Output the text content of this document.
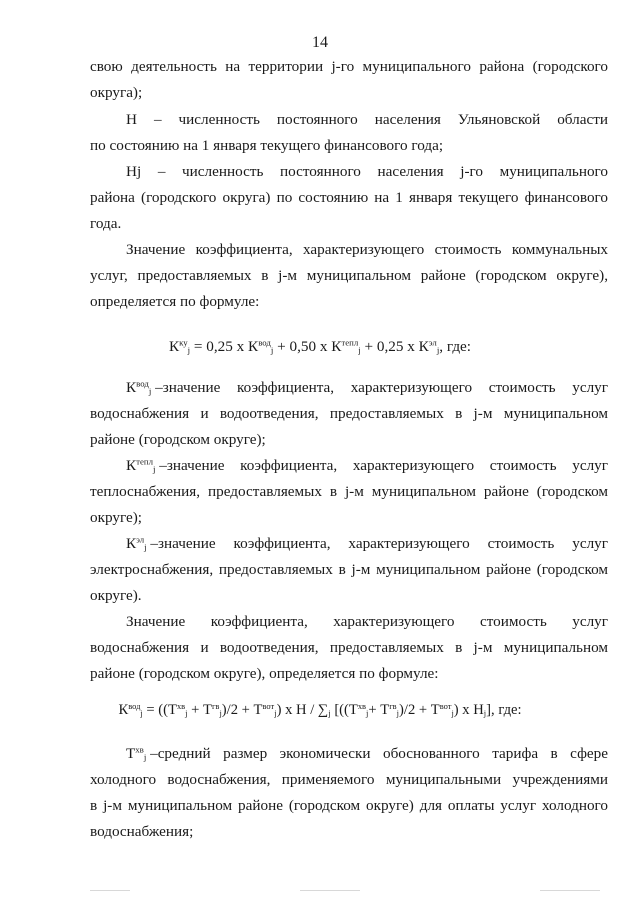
14
свою деятельность на территории j-го муниципального района (городского
округа);
Н – численность постоянного населения Ульяновской области
по состоянию на 1 января текущего финансового года;
Нj – численность постоянного населения j-го муниципального
района (городского округа) по состоянию на 1 января текущего финансового
года.
Значение коэффициента, характеризующего стоимость коммунальных
услуг, предоставляемых в j-м муниципальном районе (городском округе),
определяется по формуле:
$К^{ку}_j = 0,25$ х $К^{вод}_j + 0,50$ х $К^{тепл}_j + 0,25$ х $К^{эл}_j$, где:
$К^{вод}_j$ – значение коэффициента, характеризующего стоимость услуг
водоснабжения и водоотведения, предоставляемых в j-м муниципальном
районе (городском округе);
$К^{тепл}_j$ – значение коэффициента, характеризующего стоимость услуг
теплоснабжения, предоставляемых в j-м муниципальном районе (городском
округе);
$К^{эл}_j$ – значение коэффициента, характеризующего стоимость услуг
электроснабжения, предоставляемых в j-м муниципальном районе (городском
округе).
Значение коэффициента, характеризующего стоимость услуг
водоснабжения и водоотведения, предоставляемых в j-м муниципальном
районе (городском округе), определяется по формуле:
$К^{вод}_j = ((Т^{хв}_j + Т^{гв}_j)/2 + Т^{вот}_j)$ х Н / $\sum_j$ [$((Т^{хв}_j+ Т^{гв}_j)/2 + Т^{вот}_j)$ х $Н_j$], где:
$Т^{хв}_j$ – средний размер экономически обоснованного тарифа в сфере
холодного водоснабжения, применяемого муниципальными учреждениями
в j-м муниципальном районе (городском округе) для оплаты услуг холодного
водоснабжения;
